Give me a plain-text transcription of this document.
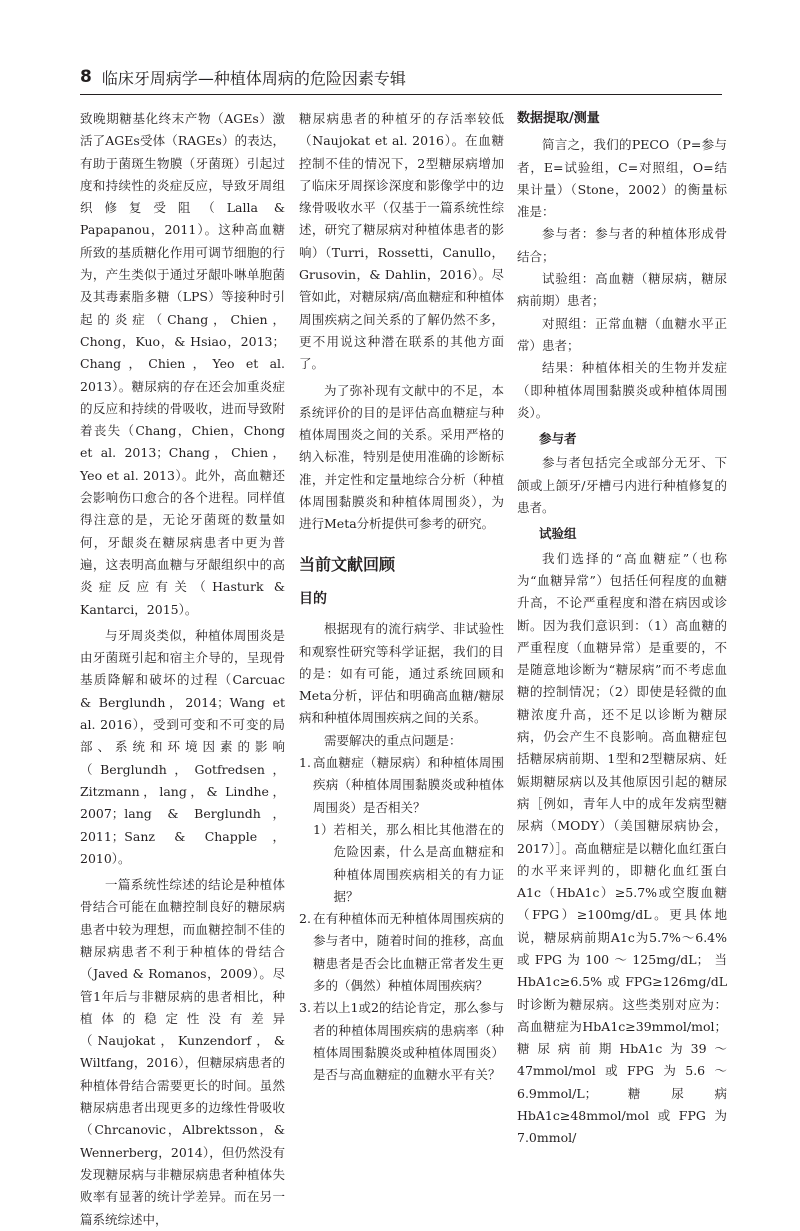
8 临床牙周病学—种植体周病的危险因素专辑

致晚期糖基化终末产物（AGEs）激活了AGEs受体（RAGEs）的表达，有助于菌斑生物膜（牙菌斑）引起过度和持续性的炎症反应，导致牙周组织修复受阻（Lalla & Papapanou，2011）。这种高血糖所致的基质糖化作用可调节细胞的行为，产生类似于通过牙龈卟啉单胞菌及其毒素脂多糖（LPS）等接种时引起的炎症（Chang，Chien，Chong，Kuo，& Hsiao，2013；Chang，Chien，Yeo et al. 2013）。糖尿病的存在还会加重炎症的反应和持续的骨吸收，进而导致附着丧失（Chang，Chien，Chong et al. 2013；Chang，Chien，Yeo et al. 2013）。此外，高血糖还会影响伤口愈合的各个进程。同样值得注意的是，无论牙菌斑的数量如何，牙龈炎在糖尿病患者中更为普遍，这表明高血糖与牙龈组织中的高炎症反应有关（Hasturk & Kantarci，2015）。

与牙周炎类似，种植体周围炎是由牙菌斑引起和宿主介导的，呈现骨基质降解和破坏的过程（Carcuac & Berglundh，2014；Wang et al. 2016），受到可变和不可变的局部、系统和环境因素的影响（Berglundh，Gotfredsen，Zitzmann，lang，& Lindhe，2007；lang & Berglundh，2011；Sanz & Chapple，2010）。

一篇系统性综述的结论是种植体骨结合可能在血糖控制良好的糖尿病患者中较为理想，而血糖控制不佳的糖尿病患者不利于种植体的骨结合（Javed & Romanos，2009）。尽管1年后与非糖尿病的患者相比，种植体的稳定性没有差异（Naujokat，Kunzendorf，& Wiltfang，2016），但糖尿病患者的种植体骨结合需要更长的时间。虽然糖尿病患者出现更多的边缘性骨吸收（Chrcanovic，Albrektsson，& Wennerberg，2014），但仍然没有发现糖尿病与非糖尿病患者种植体失败率有显著的统计学差异。而在另一篇系统综述中，

糖尿病患者的种植牙的存活率较低（Naujokat et al. 2016）。在血糖控制不佳的情况下，2型糖尿病增加了临床牙周探诊深度和影像学中的边缘骨吸收水平（仅基于一篇系统性综述，研究了糖尿病对种植体患者的影响）（Turri，Rossetti，Canullo，Grusovin，& Dahlin，2016）。尽管如此，对糖尿病/高血糖症和种植体周围疾病之间关系的了解仍然不多，更不用说这种潜在联系的其他方面了。

为了弥补现有文献中的不足，本系统评价的目的是评估高血糖症与种植体周围炎之间的关系。采用严格的纳入标准，特别是使用准确的诊断标准，并定性和定量地综合分析（种植体周围黏膜炎和种植体周围炎），为进行Meta分析提供可参考的研究。

当前文献回顾

目的

根据现有的流行病学、非试验性和观察性研究等科学证据，我们的目的是：如有可能，通过系统回顾和Meta分析，评估和明确高血糖/糖尿病和种植体周围疾病之间的关系。

需要解决的重点问题是：

1. 高血糖症（糖尿病）和种植体周围疾病（种植体周围黏膜炎或种植体周围炎）是否相关？
1） 若相关，那么相比其他潜在的危险因素，什么是高血糖症和种植体周围疾病相关的有力证据？
2. 在有种植体而无种植体周围疾病的参与者中，随着时间的推移，高血糖患者是否会比血糖正常者发生更多的（偶然）种植体周围疾病？
3. 若以上1或2的结论肯定，那么参与者的种植体周围疾病的患病率（种植体周围黏膜炎或种植体周围炎）是否与高血糖症的血糖水平有关？

数据提取/测量

简言之，我们的PECO（P=参与者，E=试验组，C=对照组，O=结果计量）（Stone，2002）的衡量标准是：

参与者：参与者的种植体形成骨结合；

试验组：高血糖（糖尿病，糖尿病前期）患者；

对照组：正常血糖（血糖水平正常）患者；

结果：种植体相关的生物并发症（即种植体周围黏膜炎或种植体周围炎）。

参与者

参与者包括完全或部分无牙、下颌或上颌牙/牙槽弓内进行种植修复的患者。

试验组

我们选择的“高血糖症”（也称为“血糖异常”）包括任何程度的血糖升高，不论严重程度和潜在病因或诊断。因为我们意识到：（1）高血糖的严重程度（血糖异常）是重要的，不是随意地诊断为“糖尿病”而不考虑血糖的控制情况；（2）即使是轻微的血糖浓度升高，还不足以诊断为糖尿病，仍会产生不良影响。高血糖症包括糖尿病前期、1型和2型糖尿病、妊娠期糖尿病以及其他原因引起的糖尿病［例如，青年人中的成年发病型糖尿病（MODY）（美国糖尿病协会，2017）］。高血糖症是以糖化血红蛋白的水平来评判的，即糖化血红蛋白A1c（HbA1c）≥5.7%或空腹血糖（FPG）≥100mg/dL。更具体地说，糖尿病前期A1c为5.7%～6.4%或FPG为100～125mg/dL；当HbA1c≥6.5%或FPG≥126mg/dL时诊断为糖尿病。这些类别对应为：高血糖症为HbA1c≥39mmol/mol；糖尿病前期HbA1c为39～47mmol/mol或FPG为5.6～6.9mmol/L；糖尿病HbA1c≥48mmol/mol或FPG为7.0mmol/
